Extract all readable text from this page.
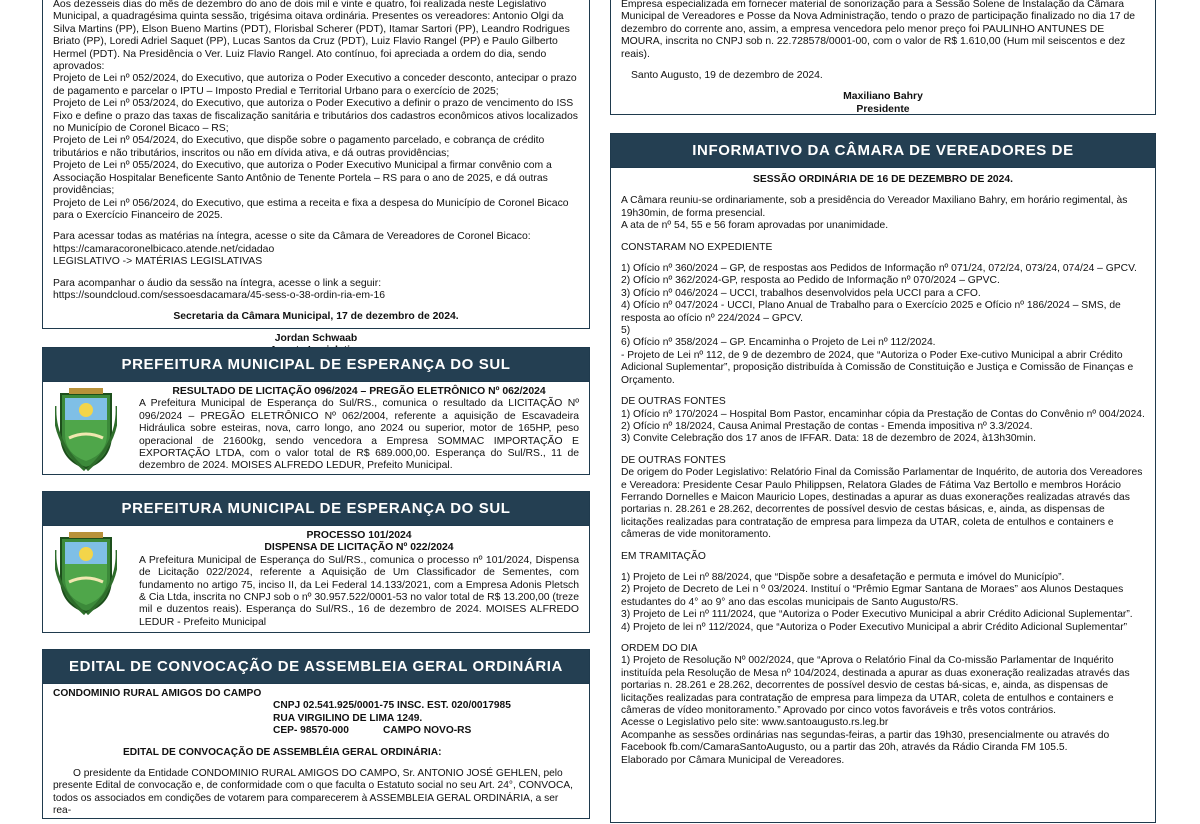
Aos dezesseis dias do mês de dezembro do ano de dois mil e vinte e quatro, foi realizada neste Legislativo Municipal, a quadragésima quinta sessão, trigésima oitava ordinária. Presentes os vereadores: Antonio Olgi da Silva Martins (PP), Elson Bueno Martins (PDT), Florisbal Scherer (PDT), Itamar Sartori (PP), Leandro Rodrigues Briato (PP), Loredi Adriel Saquet (PP), Lucas Santos da Cruz (PDT), Luiz Flavio Rangel (PP) e Paulo Gilberto Hermel (PDT). Na Presidência o Ver. Luiz Flavio Rangel. Ato contínuo, foi apreciada a ordem do dia, sendo aprovados:

Projeto de Lei nº 052/2024, do Executivo, que autoriza o Poder Executivo a conceder desconto, antecipar o prazo de pagamento e parcelar o IPTU – Imposto Predial e Territorial Urbano para o exercício de 2025;

Projeto de Lei nº 053/2024, do Executivo, que autoriza o Poder Executivo a definir o prazo de vencimento do ISS Fixo e define o prazo das taxas de fiscalização sanitária e tributários dos cadastros econômicos ativos localizados no Município de Coronel Bicaco – RS;

Projeto de Lei nº 054/2024, do Executivo, que dispõe sobre o pagamento parcelado, e cobrança de crédito tributários e não tributários, inscritos ou não em dívida ativa, e dá outras providências;

Projeto de Lei nº 055/2024, do Executivo, que autoriza o Poder Executivo Municipal a firmar convênio com a Associação Hospitalar Beneficente Santo Antônio de Tenente Portela – RS para o ano de 2025, e dá outras providências;

Projeto de Lei nº 056/2024, do Executivo, que estima a receita e fixa a despesa do Município de Coronel Bicaco para o Exercício Financeiro de 2025.

Para acessar todas as matérias na íntegra, acesse o site da Câmara de Vereadores de Coronel Bicaco:

https://camaracoronelbicaco.atende.net/cidadao

LEGISLATIVO -> MATÉRIAS LEGISLATIVAS

Para acompanhar o áudio da sessão na íntegra, acesse o link a seguir:

https://soundcloud.com/sessoesdacamara/45-sess-o-38-ordin-ria-em-16

Secretaria da Câmara Municipal, 17 de dezembro de 2024.

Jordan Schwaab

PREFEITURA MUNICIPAL DE ESPERANÇA DO SUL

RESULTADO DE LICITAÇÃO 096/2024 – PREGÃO ELETRÔNICO Nº 062/2024

A Prefeitura Municipal de Esperança do Sul/RS., comunica o resultado da LICITAÇÃO Nº 096/2024 – PREGÃO ELETRÔNICO Nº 062/2004, referente a aquisição de Escavadeira Hidráulica sobre esteiras, nova, carro longo, ano 2024 ou superior, motor de 165HP, peso operacional de 21600kg, sendo vencedora a Empresa SOMMAC IMPORTAÇÃO E EXPORTAÇÃO LTDA, com o valor total de R$ 689.000,00. Esperança do Sul/RS., 11 de dezembro de 2024. MOISES ALFREDO LEDUR, Prefeito Municipal.

PREFEITURA MUNICIPAL DE ESPERANÇA DO SUL

PROCESSO 101/2024

DISPENSA DE LICITAÇÃO Nº 022/2024

A Prefeitura Municipal de Esperança do Sul/RS., comunica o processo nº 101/2024, Dispensa de Licitação 022/2024, referente a Aquisição de Um Classificador de Sementes, com fundamento no artigo 75, inciso II, da Lei Federal 14.133/2021, com a Empresa Adonis Pletsch & Cia Ltda, inscrita no CNPJ sob o nº 30.957.522/0001-53 no valor total de R$ 13.200,00 (treze mil e duzentos reais). Esperança do Sul/RS., 16 de dezembro de 2024. MOISES ALFREDO LEDUR - Prefeito Municipal

EDITAL DE CONVOCAÇÃO DE ASSEMBLEIA GERAL ORDINÁRIA

CONDOMINIO RURAL AMIGOS DO CAMPO

CNPJ 02.541.925/0001-75 INSC. EST. 020/0017985

RUA VIRGILINO DE LIMA 1249.

CEP- 98570-000	CAMPO NOVO-RS

EDITAL DE CONVOCAÇÃO DE ASSEMBLÉIA GERAL ORDINÁRIA:

O presidente da Entidade CONDOMINIO RURAL AMIGOS DO CAMPO, Sr. ANTONIO JOSÉ GEHLEN, pelo presente Edital de convocação e, de conformidade com o que faculta o Estatuto social no seu Art. 24°, CONVOCA, todos os associados em condições de votarem para comparecerem à ASSEMBLEIA GERAL ORDINÁRIA, a ser rea-

Empresa especializada em fornecer material de sonorização para a Sessão Solene de Instalação da Câmara Municipal de Vereadores e Posse da Nova Administração, tendo o prazo de participação finalizado no dia 17 de dezembro do corrente ano, assim, a empresa vencedora pelo menor preço foi PAULINHO ANTUNES DE MOURA, inscrita no CNPJ sob n. 22.728578/0001-00, com o valor de R$ 1.610,00 (Hum mil seiscentos e dez reais).

Santo Augusto, 19 de dezembro de 2024.

Maxiliano Bahry

Presidente

INFORMATIVO DA CÂMARA DE VEREADORES DE

SESSÃO ORDINÁRIA DE 16 DE DEZEMBRO DE 2024.

A Câmara reuniu-se ordinariamente, sob a presidência do Vereador Maxiliano Bahry, em horário regimental, às 19h30min, de forma presencial.

A ata de nº 54, 55 e 56 foram aprovadas por unanimidade.

CONSTARAM NO EXPEDIENTE

1) Ofício nº 360/2024 – GP, de respostas aos Pedidos de Informação nº 071/24, 072/24, 073/24, 074/24 – GPCV.

2) Ofício nº 362/2024-GP, resposta ao Pedido de Informação nº 070/2024 – GPVC.

3) Ofício nº 046/2024 – UCCI, trabalhos desenvolvidos pela UCCI para a CFO.

4) Ofício nº 047/2024 - UCCI, Plano Anual de Trabalho para o Exercício 2025 e Ofício nº 186/2024 – SMS, de resposta ao ofício nº 224/2024 – GPCV.

5)

6) Ofício nº 358/2024 – GP. Encaminha o Projeto de Lei nº 112/2024.

- Projeto de Lei nº 112, de 9 de dezembro de 2024, que “Autoriza o Poder Exe-cutivo Municipal a abrir Crédito Adicional Suplementar”, proposição distribuída à Comissão de Constituição e Justiça e Comissão de Finanças e Orçamento.

DE OUTRAS FONTES

1) Ofício nº 170/2024 – Hospital Bom Pastor, encaminhar cópia da Prestação de Contas do Convênio nº 004/2024.

2) Ofício nº 18/2024, Causa Animal Prestação de contas - Emenda impositiva nº 3.3/2024.

3) Convite Celebração dos 17 anos de IFFAR. Data: 18 de dezembro de 2024, à13h30min.

DE OUTRAS FONTES

De origem do Poder Legislativo: Relatório Final da Comissão Parlamentar de Inquérito, de autoria dos Vereadores e Vereadora: Presidente Cesar Paulo Philippsen, Relatora Glades de Fátima Vaz Bertollo e membros Horácio Ferrando Dornelles e Maicon Mauricio Lopes, destinadas a apurar as duas exonerações realizadas através das portarias n. 28.261 e 28.262, decorrentes de possível desvio de cestas básicas, e, ainda, as dispensas de licitações realizadas para contratação de empresa para limpeza da UTAR, coleta de entulhos e containers e câmeras de vide monitoramento.

EM TRAMITAÇÃO

1) Projeto de Lei nº 88/2024, que “Dispõe sobre a desafetação e permuta e imóvel do Município”.

2) Projeto de Decreto de Lei n º 03/2024. Instituí o “Prêmio Egmar Santana de Moraes” aos Alunos Destaques estudantes do 4° ao 9° ano das escolas municipais de Santo Augusto/RS.

3) Projeto de Lei nº 111/2024, que “Autoriza o Poder Executivo Municipal a abrir Crédito Adicional Suplementar”.

4) Projeto de lei nº 112/2024, que “Autoriza o Poder Executivo Municipal a abrir Crédito Adicional Suplementar”

ORDEM DO DIA

1) Projeto de Resolução Nº 002/2024, que “Aprova o Relatório Final da Co-missão Parlamentar de Inquérito instituída pela Resolução de Mesa nº 104/2024, destinada a apurar as duas exoneração realizadas através das portarias n. 28.261 e 28.262, decorrentes de possível desvio de cestas bá-sicas, e, ainda, as dispensas de licitações realizadas para contratação de empresa para limpeza da UTAR, coleta de entulhos e containers e câmeras de vídeo monitoramento.” Aprovado por cinco votos favoráveis e três votos contrários.

Acesse o Legislativo pelo site: www.santoaugusto.rs.leg.br

Acompanhe as sessões ordinárias nas segundas-feiras, a partir das 19h30, presencialmente ou através do Facebook fb.com/CamaraSantoAugusto, ou a partir das 20h, através da Rádio Ciranda FM 105.5.

Elaborado por Câmara Municipal de Vereadores.
